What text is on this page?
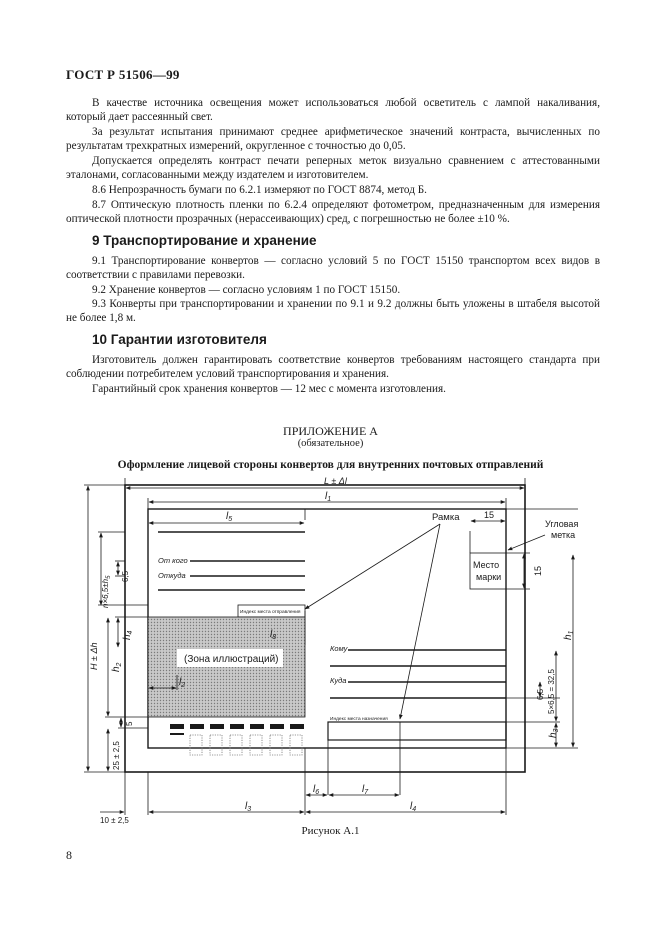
ГОСТ Р 51506—99
В качестве источника освещения может использоваться любой осветитель с лампой накаливания, который дает рассеянный свет.
За результат испытания принимают среднее арифметическое значений контраста, вычисленных по результатам трехкратных измерений, округленное с точностью до 0,05.
Допускается определять контраст печати реперных меток визуально сравнением с аттестованными эталонами, согласованными между издателем и изготовителем.
8.6 Непрозрачность бумаги по 6.2.1 измеряют по ГОСТ 8874, метод Б.
8.7 Оптическую плотность пленки по 6.2.4 определяют фотометром, предназначенным для измерения оптической плотности прозрачных (нерассеивающих) сред, с погрешностью не более ±10 %.
9 Транспортирование и хранение
9.1 Транспортирование конвертов — согласно условий 5 по ГОСТ 15150 транспортом всех видов в соответствии с правилами перевозки.
9.2 Хранение конвертов — согласно условиям 1 по ГОСТ 15150.
9.3 Конверты при транспортировании и хранении по 9.1 и 9.2 должны быть уложены в штабеля высотой не более 1,8 м.
10 Гарантии изготовителя
Изготовитель должен гарантировать соответствие конвертов требованиям настоящего стандарта при соблюдении потребителем условий транспортирования и хранения.
Гарантийный срок хранения конвертов — 12 мес с момента изготовления.
ПРИЛОЖЕНИЕ А
(обязательное)
Оформление лицевой стороны конвертов для внутренних почтовых отправлений
L ± Δl
$l_1$
$l_5$
$l_8$
$l_2$
$l_3$	$l_4$
$l_6$	$l_7$
15
15
Рамка
Угловая
метка
Место
марки
(Зона иллюстраций)
От кого
Откуда
Кому
Куда
Индекс места отправления
Индекс места назначения
$h_1$
$h_2$
$h_3$
$h_4$
H ± Δh
$n\times 6,5\pm h_5$ 6,5
6,5 5×6,5 = 32,5
5
25 ± 2,5
10 ± 2,5
Рисунок А.1
8
